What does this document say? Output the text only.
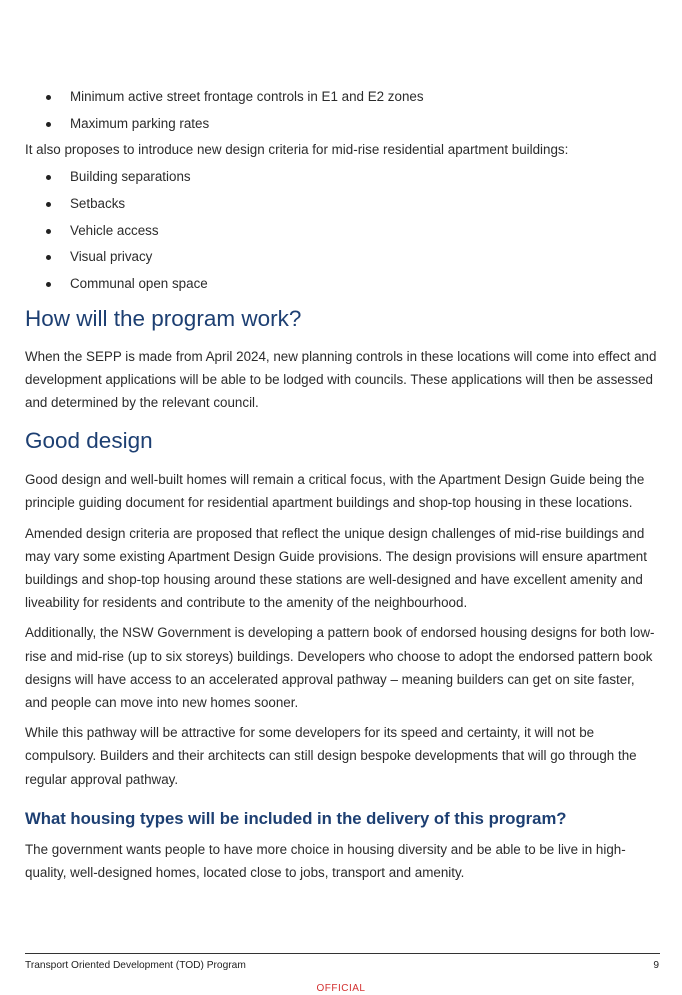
Minimum active street frontage controls in E1 and E2 zones
Maximum parking rates

It also proposes to introduce new design criteria for mid-rise residential apartment buildings:

Building separations
Setbacks
Vehicle access
Visual privacy
Communal open space
How will the program work?

When the SEPP is made from April 2024, new planning controls in these locations will come into effect and development applications will be able to be lodged with councils. These applications will then be assessed and determined by the relevant council.

Good design

Good design and well-built homes will remain a critical focus, with the Apartment Design Guide being the principle guiding document for residential apartment buildings and shop-top housing in these locations.

Amended design criteria are proposed that reflect the unique design challenges of mid-rise buildings and may vary some existing Apartment Design Guide provisions. The design provisions will ensure apartment buildings and shop-top housing around these stations are well-designed and have excellent amenity and liveability for residents and contribute to the amenity of the neighbourhood.

Additionally, the NSW Government is developing a pattern book of endorsed housing designs for both low-rise and mid-rise (up to six storeys) buildings. Developers who choose to adopt the endorsed pattern book designs will have access to an accelerated approval pathway – meaning builders can get on site faster, and people can move into new homes sooner.

While this pathway will be attractive for some developers for its speed and certainty, it will not be compulsory. Builders and their architects can still design bespoke developments that will go through the regular approval pathway.

What housing types will be included in the delivery of this program?

The government wants people to have more choice in housing diversity and be able to be live in high-quality, well-designed homes, located close to jobs, transport and amenity.

Transport Oriented Development (TOD) Program	9
OFFICIAL
